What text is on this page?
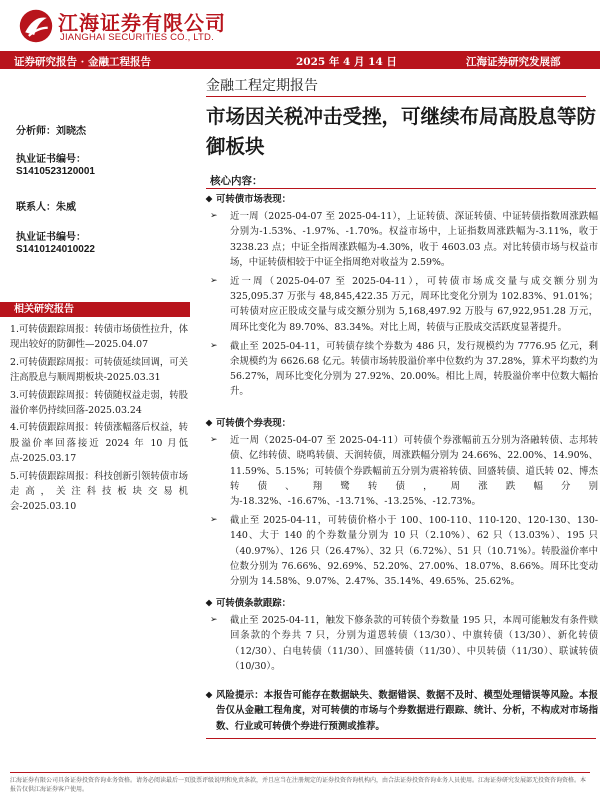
江海证券有限公司
JIANGHAI SECURITIES CO., LTD.
证券研究报告 · 金融工程报告	2025 年 4 月 14 日	江海证券研究发展部
金融工程定期报告
市场因关税冲击受挫，可继续布局高股息等防御板块
分析师：刘晓杰
执业证书编号：
S1410523120001
联系人：朱威
执业证书编号：
S1410124010022
相关研究报告
1.可转债跟踪周报：转债市场债性拉升，体现出较好的防御性—2025.04.07
2.可转债跟踪周报：可转债延续回调，可关注高股息与顺周期板块-2025.03.31
3.可转债跟踪周报：转债随权益走弱，转股溢价率仍持续回落-2025.03.24
4.可转债跟踪周报：转债涨幅落后权益，转股溢价率回落接近 2024 年 10 月低点-2025.03.17
5.可转债跟踪周报：科技创新引领转债市场走高，关注科技板块交易机会-2025.03.10
核心内容：
可转债市场表现：
➢ 近一周（2025-04-07 至 2025-04-11），上证转债、深证转债、中证转债指数周涨跌幅分别为-1.53%、-1.97%、-1.70%。权益市场中，上证指数周涨跌幅为-3.11%，收于 3238.23 点；中证全指周涨跌幅为-4.30%，收于 4603.03 点。对比转债市场与权益市场，中证转债相较于中证全指周绝对收益为 2.59%。
➢ 近一周（2025-04-07 至 2025-04-11），可转债市场成交量与成交额分别为 325,095.37 万张与 48,845,422.35 万元，周环比变化分别为 102.83%、91.01%；可转债对应正股成交量与成交额分别为 5,168,497.92 万股与 67,922,951.28 万元，周环比变化为 89.70%、83.34%。对比上周，转债与正股成交活跃度显著提升。
➢ 截止至 2025-04-11，可转债存续个券数为 486 只，发行规模约为 7776.95 亿元，剩余规模约为 6626.68 亿元。转债市场转股溢价率中位数约为 37.28%，算术平均数约为 56.27%，周环比变化分别为 27.92%、20.00%。相比上周，转股溢价率中位数大幅抬升。
可转债个券表现：
➢ 近一周（2025-04-07 至 2025-04-11）可转债个券涨幅前五分别为洛融转债、志邦转债、亿纬转债、晓鸣转债、天润转债，周涨跌幅分别为 24.66%、22.00%、14.90%、11.59%、5.15%；可转债个券跌幅前五分别为震裕转债、回盛转债、道氏转 02、博杰转债、翔鹭转债，周涨跌幅分别为-18.32%、-16.67%、-13.71%、-13.25%、-12.73%。
➢ 截止至 2025-04-11，可转债价格小于 100、100-110、110-120、120-130、130-140、大于 140 的个券数量分别为 10 只（2.10%）、62 只（13.03%）、195 只（40.97%）、126 只（26.47%）、32 只（6.72%）、51 只（10.71%）。转股溢价率中位数分别为 76.66%、92.69%、52.20%、27.00%、18.07%、8.66%。周环比变动分别为 14.58%、9.07%、2.47%、35.14%、49.65%、25.62%。
可转债条款跟踪：
➢ 截止至 2025-04-11，触发下修条款的可转债个券数量 195 只，本周可能触发有条件赎回条款的个券共 7 只，分别为道恩转债（13/30）、中旗转债（13/30）、新化转债（12/30）、白电转债（11/30）、回盛转债（11/30）、中贝转债（11/30）、联诚转债（10/30）。
风险提示：本报告可能存在数据缺失、数据错误、数据不及时、模型处理错误等风险。本报告仅从金融工程角度，对可转债的市场与个券数据进行跟踪、统计、分析，不构成对市场指数、行业或可转债个券进行预测或推荐。
江海证券有限公司具备证券投资咨询业务资格。请务必阅读最后一页股票评级说明和免责条款，并且应当在注册规定的证券投资咨询机构内，由合法证券投资咨询业务人员使用。江海证券研究发展部无投资咨询资格。本报告仅供江海证券客户使用。
